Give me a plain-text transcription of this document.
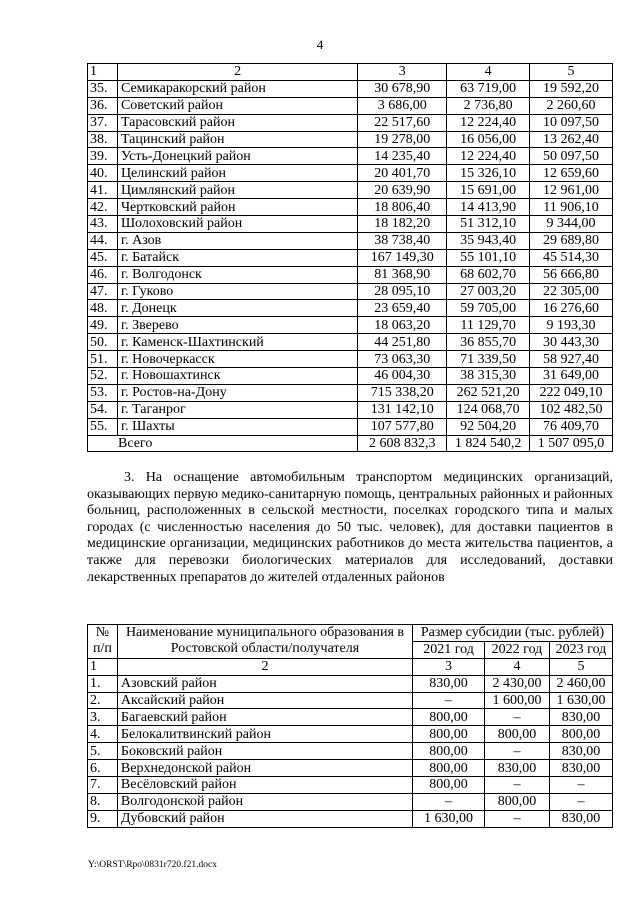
4
1	2	3	4	5
35.	Семикаракорский район	30 678,90	63 719,00	19 592,20
36.	Советский район	3 686,00	2 736,80	2 260,60
37.	Тарасовский район	22 517,60	12 224,40	10 097,50
38.	Тацинский район	19 278,00	16 056,00	13 262,40
39.	Усть-Донецкий район	14 235,40	12 224,40	50 097,50
40.	Целинский район	20 401,70	15 326,10	12 659,60
41.	Цимлянский район	20 639,90	15 691,00	12 961,00
42.	Чертковский район	18 806,40	14 413,90	11 906,10
43.	Шолоховский район	18 182,20	51 312,10	9 344,00
44.	г. Азов	38 738,40	35 943,40	29 689,80
45.	г. Батайск	167 149,30	55 101,10	45 514,30
46.	г. Волгодонск	81 368,90	68 602,70	56 666,80
47.	г. Гуково	28 095,10	27 003,20	22 305,00
48.	г. Донецк	23 659,40	59 705,00	16 276,60
49.	г. Зверево	18 063,20	11 129,70	9 193,30
50.	г. Каменск-Шахтинский	44 251,80	36 855,70	30 443,30
51.	г. Новочеркасск	73 063,30	71 339,50	58 927,40
52.	г. Новошахтинск	46 004,30	38 315,30	31 649,00
53.	г. Ростов-на-Дону	715 338,20	262 521,20	222 049,10
54.	г. Таганрог	131 142,10	124 068,70	102 482,50
55.	г. Шахты	107 577,80	92 504,20	76 409,70
Всего		2 608 832,3	1 824 540,2	1 507 095,0

3. На оснащение автомобильным транспортом медицинских организаций, оказывающих первую медико-санитарную помощь, центральных районных и районных больниц, расположенных в сельской местности, поселках городского типа и малых городах (с численностью населения до 50 тыс. человек), для доставки пациентов в медицинские организации, медицинских работников до места жительства пациентов, а также для перевозки биологических материалов для исследований, доставки лекарственных препаратов до жителей отдаленных районов

№ п/п	Наименование муниципального образования в Ростовской области/получателя	Размер субсидии (тыс. рублей)		
		2021 год	2022 год	2023 год
1	2	3	4	5
1.	Азовский район	830,00	2 430,00	2 460,00
2.	Аксайский район	–	1 600,00	1 630,00
3.	Багаевский район	800,00	–	830,00
4.	Белокалитвинский район	800,00	800,00	800,00
5.	Боковский район	800,00	–	830,00
6.	Верхнедонской район	800,00	830,00	830,00
7.	Весёловский район	800,00	–	–
8.	Волгодонской район	–	800,00	–
9.	Дубовский район	1 630,00	–	830,00
Y:\ORST\Rpo\0831r720.f21.docx
